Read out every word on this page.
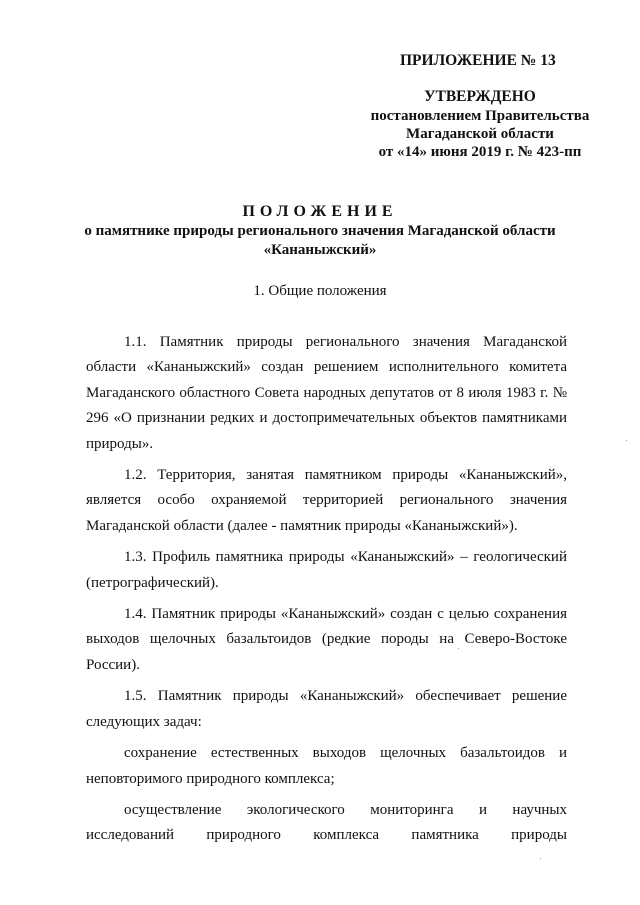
ПРИЛОЖЕНИЕ № 13
УТВЕРЖДЕНО
постановлением Правительства
Магаданской области
от «14» июня 2019 г. № 423-пп
ПОЛОЖЕНИЕ
о памятнике природы регионального значения Магаданской области
«Кананыжский»
1. Общие положения

1.1. Памятник природы регионального значения Магаданской области «Кананыжский» создан решением исполнительного комитета Магаданского областного Совета народных депутатов от 8 июля 1983 г. № 296 «О признании редких и достопримечательных объектов памятниками природы».

1.2. Территория, занятая памятником природы «Кананыжский», является особо охраняемой территорией регионального значения Магаданской области (далее - памятник природы «Кананыжский»).

1.3. Профиль памятника природы «Кананыжский» – геологический (петрографический).

1.4. Памятник природы «Кананыжский» создан с целью сохранения выходов щелочных базальтоидов (редкие породы на Северо-Востоке России).

1.5. Памятник природы «Кананыжский» обеспечивает решение следующих задач:

сохранение естественных выходов щелочных базальтоидов и неповторимого природного комплекса;

осуществление экологического мониторинга и научных исследований природного комплекса памятника природы
